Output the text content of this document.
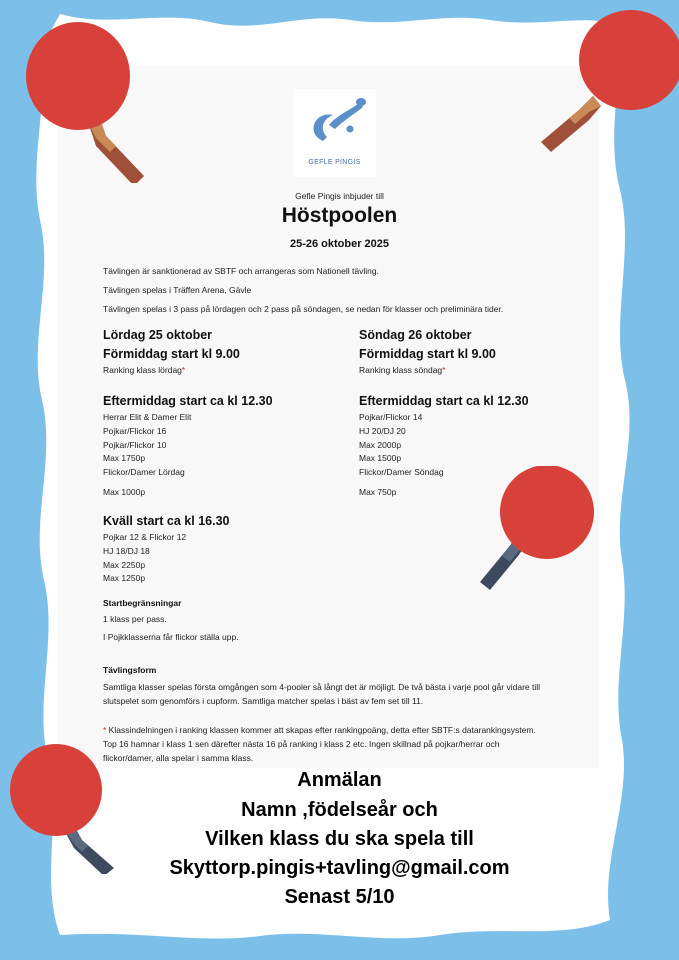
GEFLE PINGIS
Gefle Pingis inbjuder till
Höstpoolen
25-26 oktober 2025
Tävlingen är sanktionerad av SBTF och arrangeras som Nationell tävling.
Tävlingen spelas i Träffen Arena, Gävle
Tävlingen spelas i 3 pass på lördagen och 2 pass på söndagen, se nedan för klasser och preliminära tider.
Lördag 25 oktober
Förmiddag start kl 9.00
Ranking klass lördag*
Eftermiddag start ca kl 12.30
Herrar Elit & Damer Elit
Pojkar/Flickor 16
Pojkar/Flickor 10
Max 1750p
Flickor/Damer Lördag
Max 1000p
Kväll start ca kl 16.30
Pojkar 12 & Flickor 12
HJ 18/DJ 18
Max 2250p
Max 1250p
Söndag 26 oktober
Förmiddag start kl 9.00
Ranking klass söndag*
Eftermiddag start ca kl 12.30
Pojkar/Flickor 14
HJ 20/DJ 20
Max 2000p
Max 1500p
Flickor/Damer Söndag
Max 750p
Startbegränsningar
1 klass per pass.
I Pojkklasserna får flickor ställa upp.
Tävlingsform
Samtliga klasser spelas första omgången som 4-pooler så långt det är möjligt. De två bästa i varje pool går vidare till
slutspelet som genomförs i cupform. Samtliga matcher spelas i bäst av fem set till 11.
* Klassindelningen i ranking klassen kommer att skapas efter rankingpoäng, detta efter SBTF:s datarankingsystem.
Top 16 hamnar i klass 1 sen därefter nästa 16 på ranking i klass 2 etc. Ingen skillnad på pojkar/herrar och
flickor/damer, alla spelar i samma klass.
Anmälan
Namn ,födelseår och
Vilken klass du ska spela till
Skyttorp.pingis+tavling@gmail.com
Senast 5/10
